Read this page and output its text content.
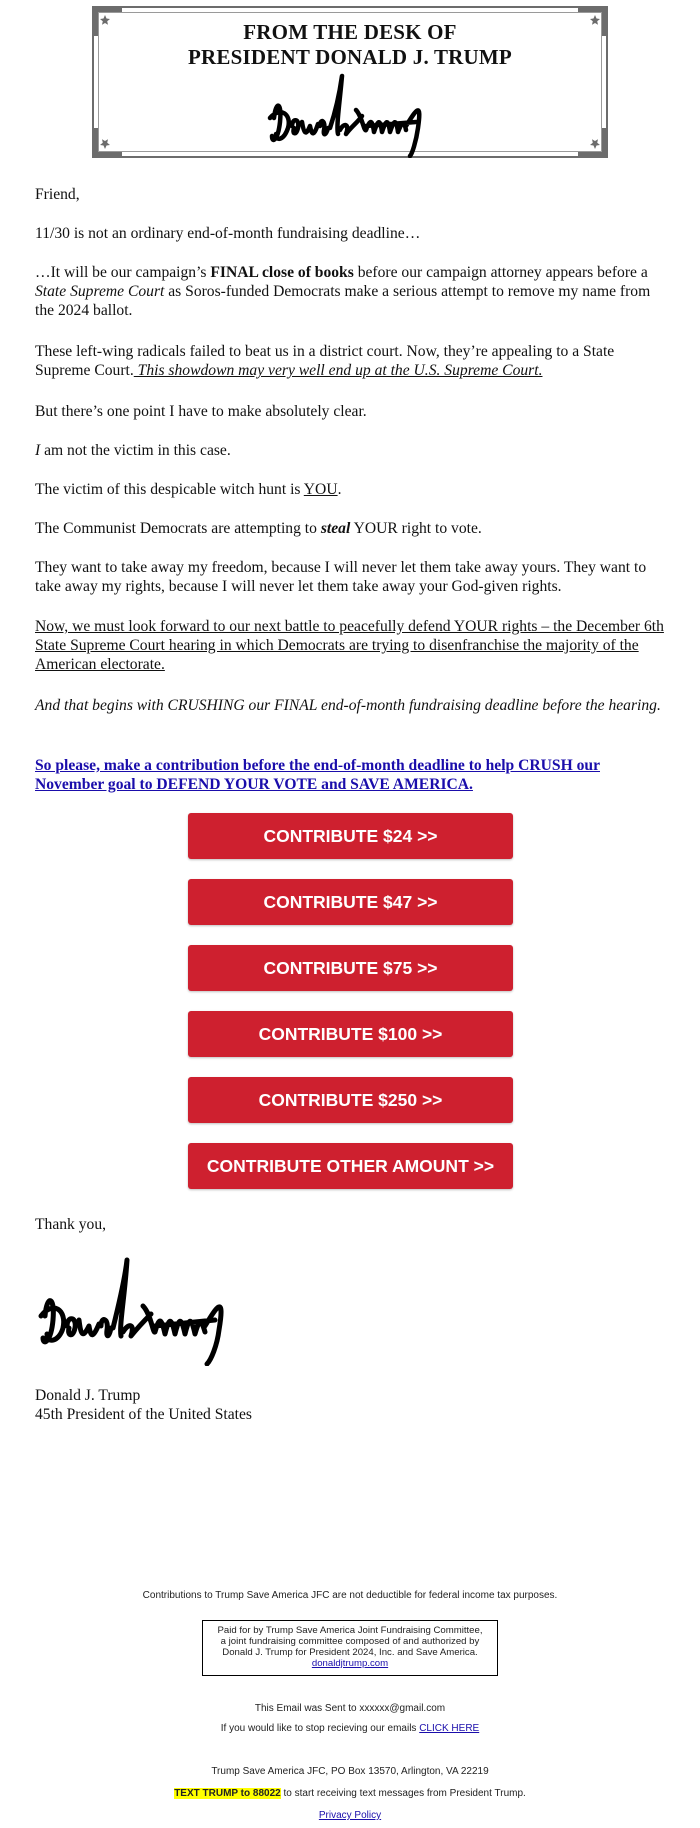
FROM THE DESK OF
PRESIDENT DONALD J. TRUMP

Friend,

11/30 is not an ordinary end-of-month fundraising deadline…

…It will be our campaign’s FINAL close of books before our campaign attorney appears before a State Supreme Court as Soros-funded Democrats make a serious attempt to remove my name from the 2024 ballot.

These left-wing radicals failed to beat us in a district court. Now, they’re appealing to a State Supreme Court. This showdown may very well end up at the U.S. Supreme Court.

But there’s one point I have to make absolutely clear.

I am not the victim in this case.

The victim of this despicable witch hunt is YOU.

The Communist Democrats are attempting to steal YOUR right to vote.

They want to take away my freedom, because I will never let them take away yours. They want to take away my rights, because I will never let them take away your God-given rights.

Now, we must look forward to our next battle to peacefully defend YOUR rights – the December 6th State Supreme Court hearing in which Democrats are trying to disenfranchise the majority of the American electorate.

And that begins with CRUSHING our FINAL end-of-month fundraising deadline before the hearing.

So please, make a contribution before the end-of-month deadline to help CRUSH our November goal to DEFEND YOUR VOTE and SAVE AMERICA.

CONTRIBUTE $24 >>
CONTRIBUTE $47 >>
CONTRIBUTE $75 >>
CONTRIBUTE $100 >>
CONTRIBUTE $250 >>
CONTRIBUTE OTHER AMOUNT >>
Thank you,
Donald J. Trump
45th President of the United States
Contributions to Trump Save America JFC are not deductible for federal income tax purposes.
Paid for by Trump Save America Joint Fundraising Committee,
a joint fundraising committee composed of and authorized by
Donald J. Trump for President 2024, Inc. and Save America.
donaldjtrump.com
This Email was Sent to xxxxxx@gmail.com
If you would like to stop recieving our emails CLICK HERE
Trump Save America JFC, PO Box 13570, Arlington, VA 22219
TEXT TRUMP to 88022 to start receiving text messages from President Trump.
Privacy Policy
